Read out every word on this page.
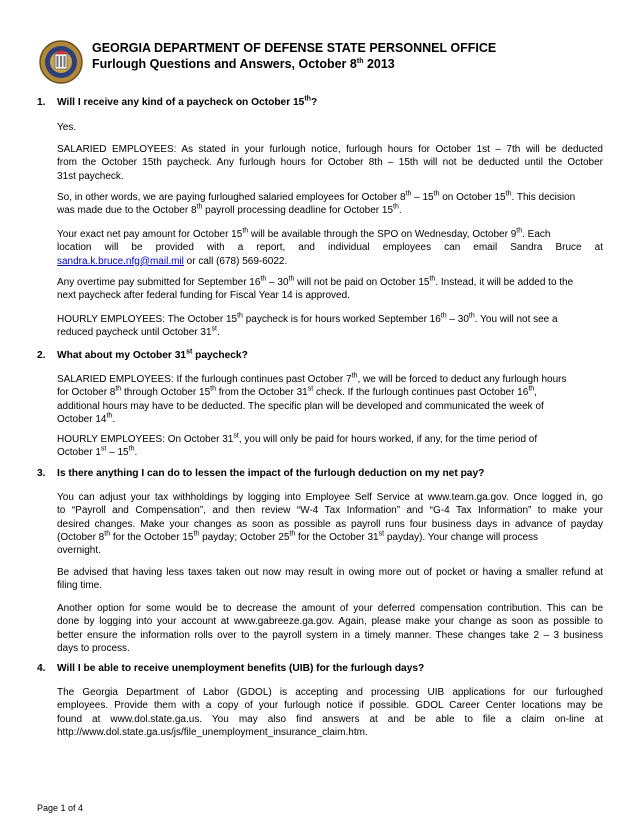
GEORGIA DEPARTMENT OF DEFENSE STATE PERSONNEL OFFICE
Furlough Questions and Answers, October 8th 2013
1. Will I receive any kind of a paycheck on October 15th?
Yes.
SALARIED EMPLOYEES: As stated in your furlough notice, furlough hours for October 1st – 7th will be deducted
from the October 15th paycheck. Any furlough hours for October 8th – 15th will not be deducted until the October
31st paycheck.
So, in other words, we are paying furloughed salaried employees for October 8th – 15th on October 15th. This decision
was made due to the October 8th payroll processing deadline for October 15th.
Your exact net pay amount for October 15th will be available through the SPO on Wednesday, October 9th. Each
location will be provided with a report, and individual employees can email Sandra Bruce at
sandra.k.bruce.nfg@mail.mil or call (678) 569-6022.
Any overtime pay submitted for September 16th – 30th will not be paid on October 15th. Instead, it will be added to the
next paycheck after federal funding for Fiscal Year 14 is approved.
HOURLY EMPLOYEES: The October 15th paycheck is for hours worked September 16th – 30th. You will not see a
reduced paycheck until October 31st.
2. What about my October 31st paycheck?
SALARIED EMPLOYEES: If the furlough continues past October 7th, we will be forced to deduct any furlough hours
for October 8th through October 15th from the October 31st check. If the furlough continues past October 16th,
additional hours may have to be deducted. The specific plan will be developed and communicated the week of
October 14th.
HOURLY EMPLOYEES: On October 31st, you will only be paid for hours worked, if any, for the time period of
October 1st – 15th.
3. Is there anything I can do to lessen the impact of the furlough deduction on my net pay?
You can adjust your tax withholdings by logging into Employee Self Service at www.team.ga.gov. Once logged in, go
to “Payroll and Compensation”, and then review “W-4 Tax Information” and “G-4 Tax Information” to make your
desired changes. Make your changes as soon as possible as payroll runs four business days in advance of payday
(October 8th for the October 15th payday; October 25th for the October 31st payday). Your change will process
overnight.
Be advised that having less taxes taken out now may result in owing more out of pocket or having a smaller refund at
filing time.
Another option for some would be to decrease the amount of your deferred compensation contribution. This can be
done by logging into your account at www.gabreeze.ga.gov. Again, please make your change as soon as possible to
better ensure the information rolls over to the payroll system in a timely manner. These changes take 2 – 3 business
days to process.
4. Will I be able to receive unemployment benefits (UIB) for the furlough days?
The Georgia Department of Labor (GDOL) is accepting and processing UIB applications for our furloughed
employees. Provide them with a copy of your furlough notice if possible. GDOL Career Center locations may be
found at www.dol.state.ga.us. You may also find answers at and be able to file a claim on-line at
http://www.dol.state.ga.us/js/file_unemployment_insurance_claim.htm.
Page 1 of 4
